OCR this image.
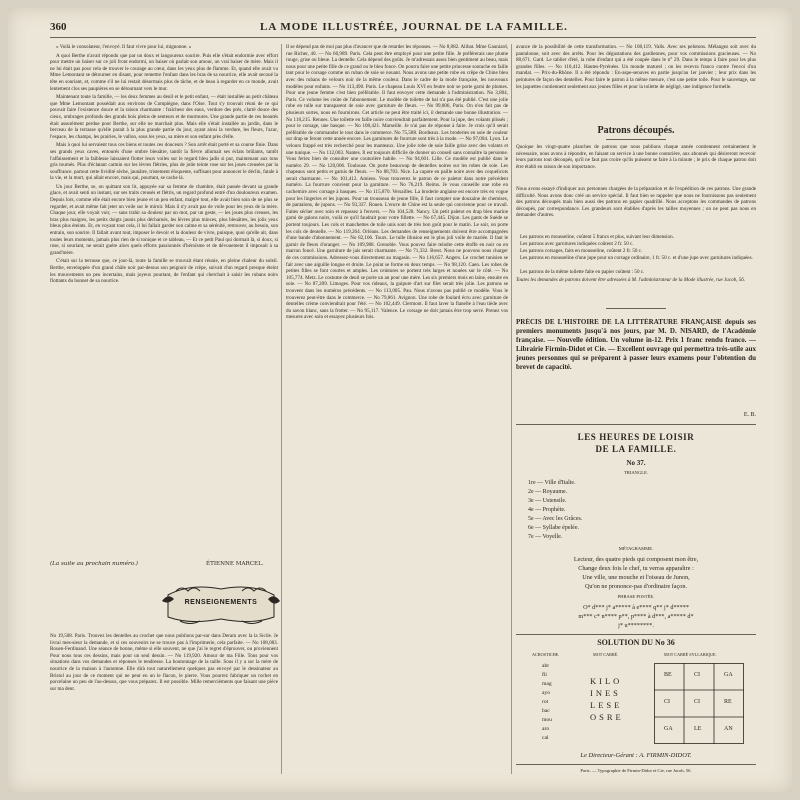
360	LA MODE ILLUSTRÉE, JOURNAL DE LA FAMILLE.

« Voilà le consolateur, l'envoyé. Il faut vivre pour lui, mignonne. »

A quoi Berthe n'avait répondu que par un doux et langoureux sourire. Puis elle s'était endormie avec effort pour mettre un baiser sur ce joli front endormi, un baiser où parlait son amour, un vrai baiser de mère. Mais il ne lui était pas pour cela de trouver le courage au cœur, dans les yeux plus de flamme. Et, quand elle avait vu Mme Lemontant se détourner en disant, pour remettre l'enfant dans les bras de sa nourrice, elle avait secoué la tête en souriant, et, comme s'il ne lui restait désormais plus de tâche, et de beau à regarder en ce monde, avait lentement clos ses paupières en se détournant vers le mur.

Maintenant toute la famille, — les deux femmes au deuil et le petit enfant, — était installée au petit château que Mme Lemontant possédait aux environs de Compiègne, dans l'Oise. Tout s'y trouvait réuni de ce qui pouvait faire l'existence douce et la raison charmante : fraîcheur des eaux, verdure des prés, clarté douce des cieux, ombrages profonds des grands bois pleins de senteurs et de murmures. Une grande partie de ces beautés était assurément perdue pour Berthe, sur elle ne marchait plus. Mais elle s'était installée au jardin, dans le berceau de la terrasse qu'elle parait à la plus grande partie du jour, ayant ainsi la verdure, les fleurs, l'azur, l'espace, les champs, les prairies, le vallon, sous les yeux, sa mère et son enfant près d'elle.

Mais à quoi lui servaient tous ces biens et toutes ces douceurs ? Son arrêt était porté et sa course finie. Dans ses grands yeux caves, entourés d'une ombre bleuâtre, tantôt la fièvre allumait ses éclats brûlants, tantôt l'affaissement et la faiblesse laissaient flotter leurs voiles sur le regard bleu jadis si pur, maintenant aux tons gris tournés. Plus d'éclatant carmin sur les lèvres flétries, plus de jolie teinte rose sur les joues creusées par la souffrance. partout cette lividité sèche, jaunâtre, tristement éloquente, suffisant pour annoncer le déclin, fatale à la vie, et la mort, qui allait encore, mais qui, pourtant, se cache là.

Un jour Berthe, se, on quittant son lit, appuyée sur sa femme de chambre, était passée devant sa grande glace, et avait senti un instant, sur ses traits creusés et flétris, un regard profond entré d'un douloureux examen. Depuis lors, comme elle était encore bien jeune et un peu enfant, malgré tout, elle avait bien soin de ne plus se regarder, et avait même fait jeter un voile sur le miroir. Mais il n'y avait pas de voile pour les yeux de la mère. Chaque jour, elle voyait voir, — sans trahir sa douleur par un mot, par un geste, — les joues plus creuses, les bras plus maigres, les petits doigts jaunis plus décharnés, les lèvres plus minces, plus bleuâtres, les jolis yeux bleus plus éteints. Et, en voyant tout cela, il lui fallait garder son calme et sa sérénité, retrouver, au besoin, son entrain, son sourire. Il fallait avant tout, imposer le devoir et la douleur de vivre, puisque, quoi qu'elle ait, dans toutes leurs moments, jamais plus rien de si tonique et ce tableau, — Et ce petit Paul qui dormait là, si doux, si rose, si souriant, ne serait guère alors quels efforts passionnés d'héroïsme et de dévouement il imposait à sa grand'mère.

C'était sur la terrasse que, ce jour-là, toute la famille se trouvait étant réunie, en pleine chaleur du soleil. Berthe, enveloppée d'un grand châle noir par-dessus son peignoir de crêpe, suivait d'un regard presque éteint les mouvements un peu incertains, mais joyeux pourtant, de l'enfant qui cherchait à saisir les rubans noirs flottants du bonnet de sa nourrice.

(La suite au prochain numéro.)	ÉTIENNE MARCEL.
RENSEIGNEMENTS
No 19,508. Paris. Trouvez les dentelles au crochet que nous publions par-sur dans Deram avec la la Sicile. Je livrai mes-sieur la demande, et si ces souvenirs ne se trouve pas à l'imprimerie, cela parfaite. — No 108,083. Rouen-Ferdinand. Une séance de bonne, même si elle souvent, ne que j'ai le regret d'éprouver, ou proviennent Pour nous tous ces dessins, mais pour un seul dessin. — No 119,920. Amour de ma Fille. Tons pour vos situations dans vos demandes et réponses le tendresse. La boutonnage de la taille. Sous il y a sur la mère de nourrice de la maison à l'automne. Elle dirà tout naturellement quelques pas envoyé par le dessinateur au Bristol au jour de ce moment qui ne peut en un le flacon, le pierre. Vous pourrez fabriquer un rochet en porcelaine un peu de l'au-dessus, que vous préparez. Il est possible. Mille remercièments que faisant une pièce sur ma dent.
Il se dépend pas de moi pas plus d'avancer que de retarder les réponses. — No 8,882. Alibat. Mme Gauniard, rue Richer, 40. — No 60,989. Paris. Cela peut être employé pour une petite fille. Je préférerais une plume rouge, grise ou bleue. La dentelle. Cela dépend des goûts. Je m'adressais assez bien gentiment au beau, mais nous pour une petite fille de ce grand ou le bleu fonce. On pourra faire une petite princesse soutache en faille tant pour le corsage comme un ruban de soie se nouant. Nous avons une petite robe en crêpe de Chine bleu avec des rubans de velours noir de la même couleur. Dans le cadre de la mode française, les nouveaux modèles pour enfants. — No 113,490. Paris. Le chapeau Louis XVI en feutre noir se porte garni de plumes. Pour une jeune femme c'est bien préférable. Il faut envoyer cette demande à l'administration. No 3,804, Paris. Ce volume les coûte de l'abonnement. Le modèle de toilette de bal n'a pas été publié. C'est une jolie robe en tulle sur transparent de soie avec garniture de fleurs. — No 99,806, Paris. On n'en fait pas de plusieurs sortes, nous en fournirons. Cet article ne peut être traité ici, il demande une bonne illustration. — No 118,215. Rennes. Une toilette en faille noire conviendrait parfaitement. Pour la jupe, des volants plissés ; pour le corsage, une basque. — No 108,421. Marseille. Je n'ai pas de réponse à faire. Je crois qu'il serait préférable de commander le tout dans le commerce. No 75,588. Bordeaux. Les broderies en soie de couleur sur drap se feront cette année encore. Les garnitures de fourrure sont très à la mode. — No 97,004. Lyon. Le velours frappé est très recherché pour les manteaux. Une jolie robe de soie faille grise avec des volants et une tunique. — No 112,003. Nantes. Il est toujours difficile de donner un conseil sans connaître la personne. Vous feriez bien de consulter une couturière habile. — No 94,601. Lille. Ce modèle est publié dans le numéro 29. — No 120,006. Toulouse. On porte beaucoup de dentelles noires sur les robes de soie. Les chapeaux sont petits et garnis de fleurs. — No 88,703. Nice. La capote en paille noire avec des coquelicots serait charmante. — No 101,412. Amiens. Vous trouverez le patron de ce paletot dans notre précédent numéro. La fourrure convient pour la garniture. — No 76,219. Reims. Je vous conseille une robe en cachemire avec corsage à basques. — No 115,870. Versailles. La broderie anglaise est encore très en vogue pour les lingeries et les jupons. Pour un trousseau de jeune fille, il faut compter une douzaine de chemises, de pantalons, de jupons. — No 93,337. Rouen. L'encre de Chine est la seule qui convienne pour ce travail. Faites sécher avec soin et repassez à l'envers. — No 104,528. Nancy. Un petit paletot en drap bleu marine garni de galons noirs, voilà ce qu'il faudrait pour votre fillette. — No 67,445. Dijon. Les gants de Suède se portent toujours. Les cols et manchettes de toile unis sont de très bon goût pour le matin. Le soir, on porte les cols de dentelle. — No 119,264. Orléans. Les demandes de renseignements doivent être accompagnées d'une bande d'abonnement. — No 82,106. Tours. Le tulle illusion est le plus joli voile de mariée. Il faut le garnir de fleurs d'oranger. — No 109,988. Grenoble. Vous pouvez faire teindre cette étoffe en noir ou en marron foncé. Une garniture de jais serait charmante. — No 71,332. Brest. Nous ne pouvons nous charger de ces commissions. Adressez-vous directement au magasin. — No 116,657. Angers. Le crochet tunisien se fait avec une aiguille longue et droite. Le point se forme en deux temps. — No 98,120. Caen. Les robes de petites filles se font courtes et amples. Les ceintures se portent très larges et nouées sur le côté. — No 105,774. Metz. Le costume de deuil se porte un an pour une mère. Les six premiers mois en laine, ensuite en soie. — No 87,209. Limoges. Pour vos rideaux, la guipure d'art sur filet serait très jolie. Les patrons se trouvent dans les numéros précédents. — No 113,005. Pau. Nous n'avons pas publié ce modèle. Vous le trouverez peut-être dans le commerce. — No 79,861. Avignon. Une robe de foulard écru avec garniture de dentelles crème conviendrait pour l'été. — No 102,449. Clermont. Il faut laver la flanelle à l'eau tiède avec du savon blanc, sans la frotter. — No 95,117. Valence. Le corsage ne doit jamais être trop serré. Prenez vos mesures avec soin et essayez plusieurs fois.
avance de la possibilité de cette transformation. — No 108,119. Valls. Avec ses pelotons. Mélangez soit avec du pantalonne, soit avec des arrêts. Pour les dégustations des gardiennes, pour vos commissions gracieuses. — No 88,671. Gard. Le tablier d'été, la robe d'enfant qui a été coupée dans le n° 29. Dans le temps à faire pour les plus grandes filles. — No 110,412. Hautes-Pyrénées. Un monde maturel ; on les recevra franco contre l'envoi d'un mandat. — Prix-du-Rhône. Il a été répondu : En-aspe-senaves en partie jusqu'au 1er janvier ; leur prix dans les peintures de façon des dentelles. Pour faire le patron à la même mesure, c'est une petite toile. Pour le sauvetage, sur les jaquettes contiennent seulement aux jeunes filles et pour la toilette de négligé, une indigence formelle.
Patrons découpés.
Quoique les vingt-quatre planches de patrons que nous publions chaque année contiennent certainement le nécessaire, nous avons à répondre, en faisant un service à une bonne couturière, aux abonnés qui désireront recevoir leurs patrons tout découpés, qu'il ne faut pas croire qu'ils puissent se faire à la minute ; le prix de chaque patron doit être établi en raison de son importance.
Nous avons essayé d'indiquer aux personnes chargées de la préparation et de l'expédition de ces patrons. Une grande difficulté. Nous avons donc créé un service spécial. Il faut bien se rappeler que nous ne fournissons pas seulement des patrons découpés mais bien aussi des patrons en papier quadrillé. Nous acceptons les commandes de patrons découpés, par correspondance. Les grandeurs sont établies d'après les tailles moyennes ; on ne peut pas nous en demander d'autres.
Les patrons en mousseline, coûtent 5 francs et plus, suivant leur dimension.
Les patrons avec garnitures indiquées coûtent 2 fr. 50 c.
Les patrons corsages, faits en mousseline, coûtent 2 fr. 50 c.
Les patrons en mousseline d'une jupe pour un corsage ordinaire, 1 fr. 50 c. et d'une jupe avec garnitures indiquées.
Les patrons de la même toilette faite en papier coûtent : 50 c.
Toutes les demandes de patrons doivent être adressées à M. l'administrateur de la Mode illustrée, rue Jacob, 56.
PRÉCIS DE L'HISTOIRE DE LA LITTÉRATURE FRANÇAISE depuis ses premiers monuments jusqu'à nos jours, par M. D. NISARD, de l'Académie française. — Nouvelle édition. Un volume in-12. Prix 1 franc rendu franco. — Librairie Firmin-Didot et Cie. — Excellent ouvrage qui permettra très-utile aux jeunes personnes qui se préparent à passer leurs examens pour l'obtention du brevet de capacité.
E. B.
LES HEURES DE LOISIR
DE LA FAMILLE.
No 37.
TRIANGLE.
1re — Ville d'Italie.
2e — Royaume.
3e — Ustensile.
4e — Prophète.
5e — Avec les Grâces.
6e — Syllabe épelée.
7e — Voyelle.
MÉTAGRAMME.
Lecteur, des quatre pieds qui composent mon être,
Change deux fois le chef, tu verras apparaître :
Une ville, une mouche et l'oiseau de Junon,
Qu'on ne prononce-pas d'ordinaire façon.
PHRASE POSTÉE.
O* d*** j* a***** à e**** q** j* d*****
m*** c* n**** p**, p**** à d***, a***** d*
j* u********.
SOLUTION DU No 36
ACROSTICHE.	MOT CARRÉ.	MOT CARRÉ SYLLABIQUE.
abr
fli
mag
ayo
rot
bac
mou
aro
cal
KILO
INES
LESE
OSRE
BE	CI	GA
CI	CI	RE
GA	LE	AN
Le Directeur-Gérant : A. FIRMIN-DIDOT.
Paris. — Typographie de Firmin-Didot et Cie, rue Jacob, 56.
